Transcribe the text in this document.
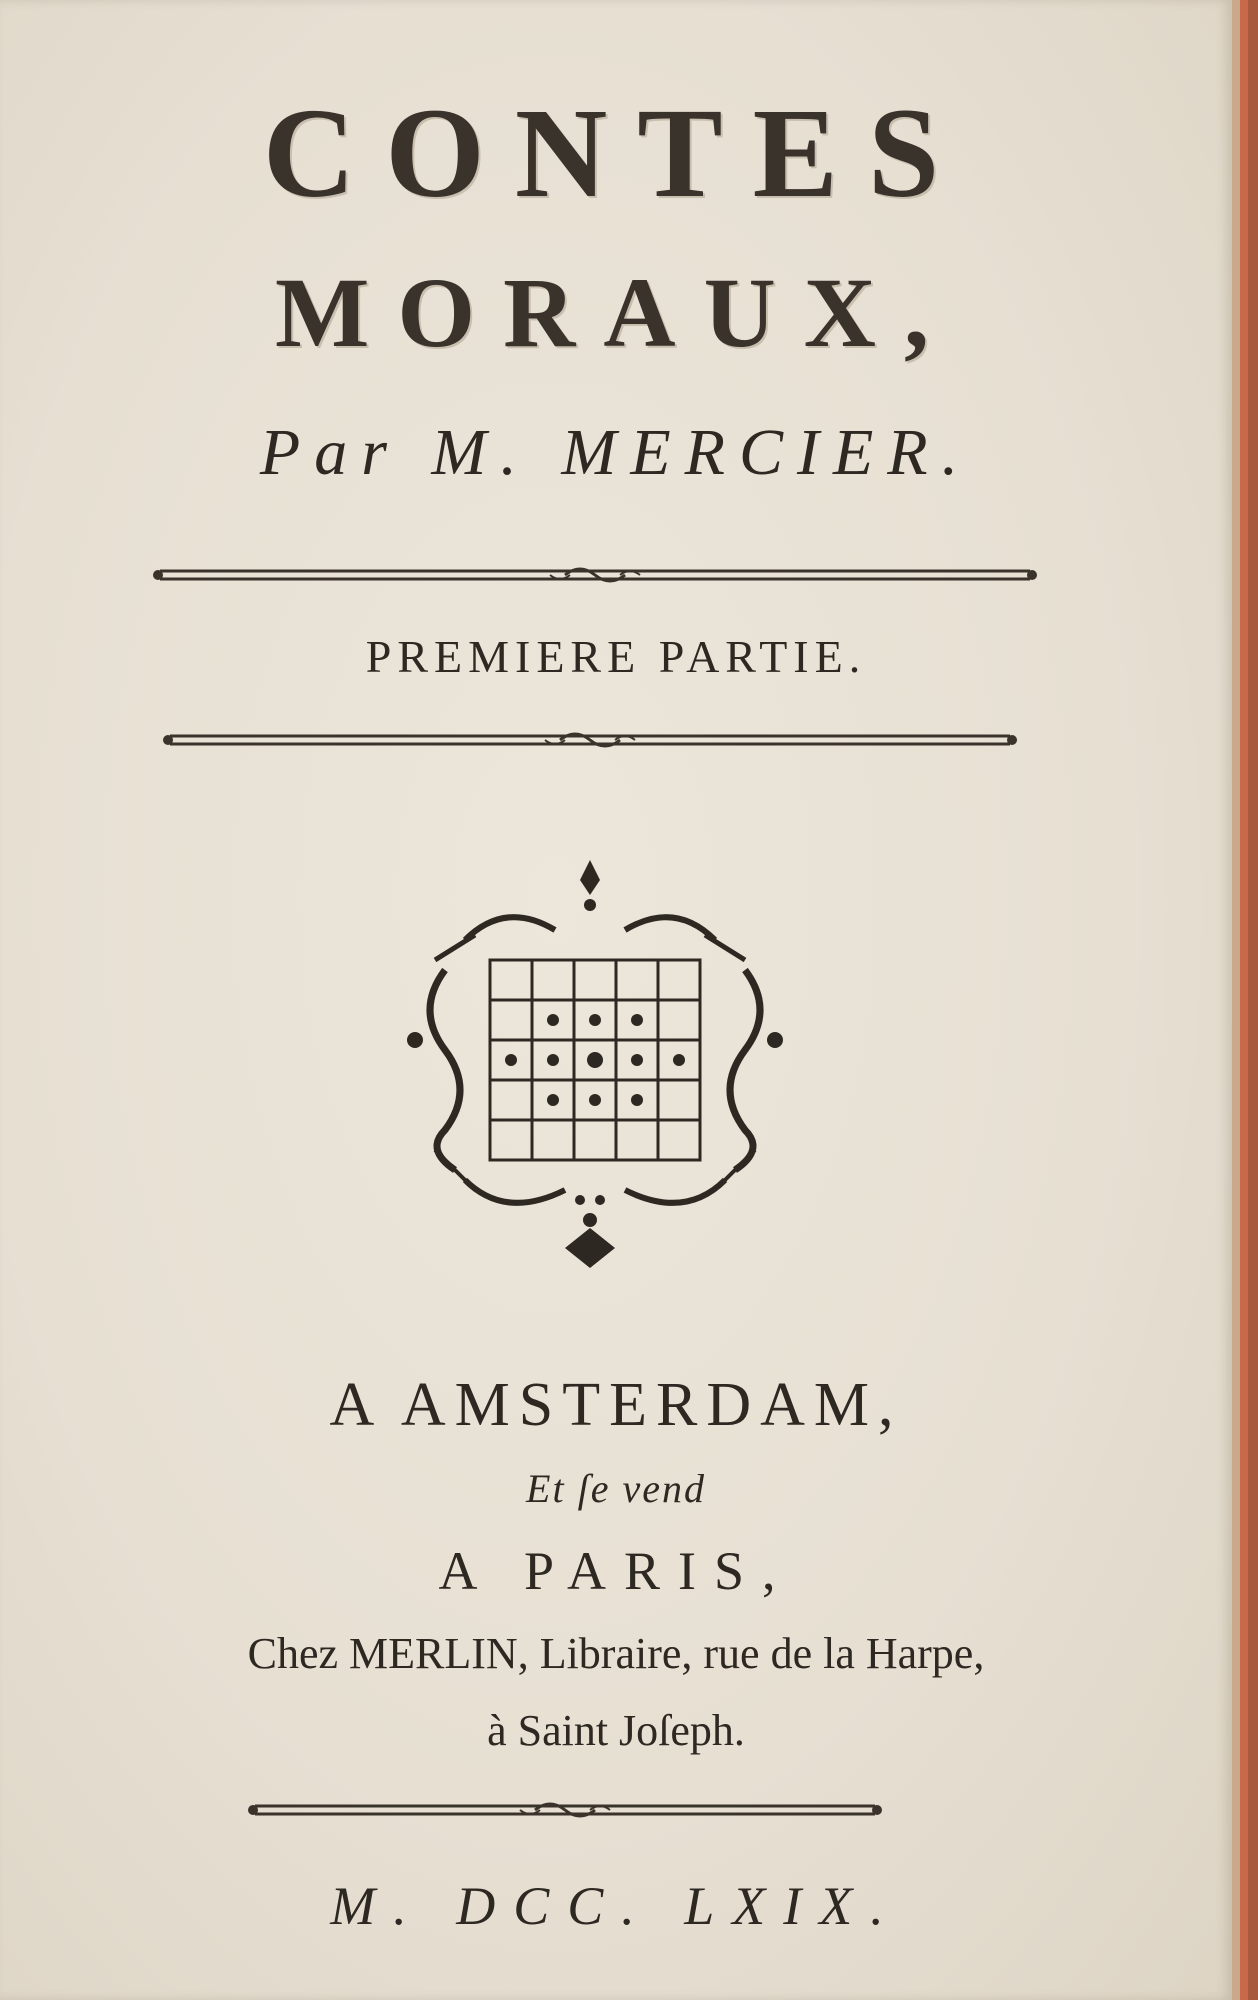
CONTES
MORAUX,
Par M. MERCIER.
PREMIERE PARTIE.
A AMSTERDAM,
Et ſe vend
A PARIS,
Chez MERLIN, Libraire, rue de la Harpe,
à Saint Joſeph.
M. DCC. LXIX.
